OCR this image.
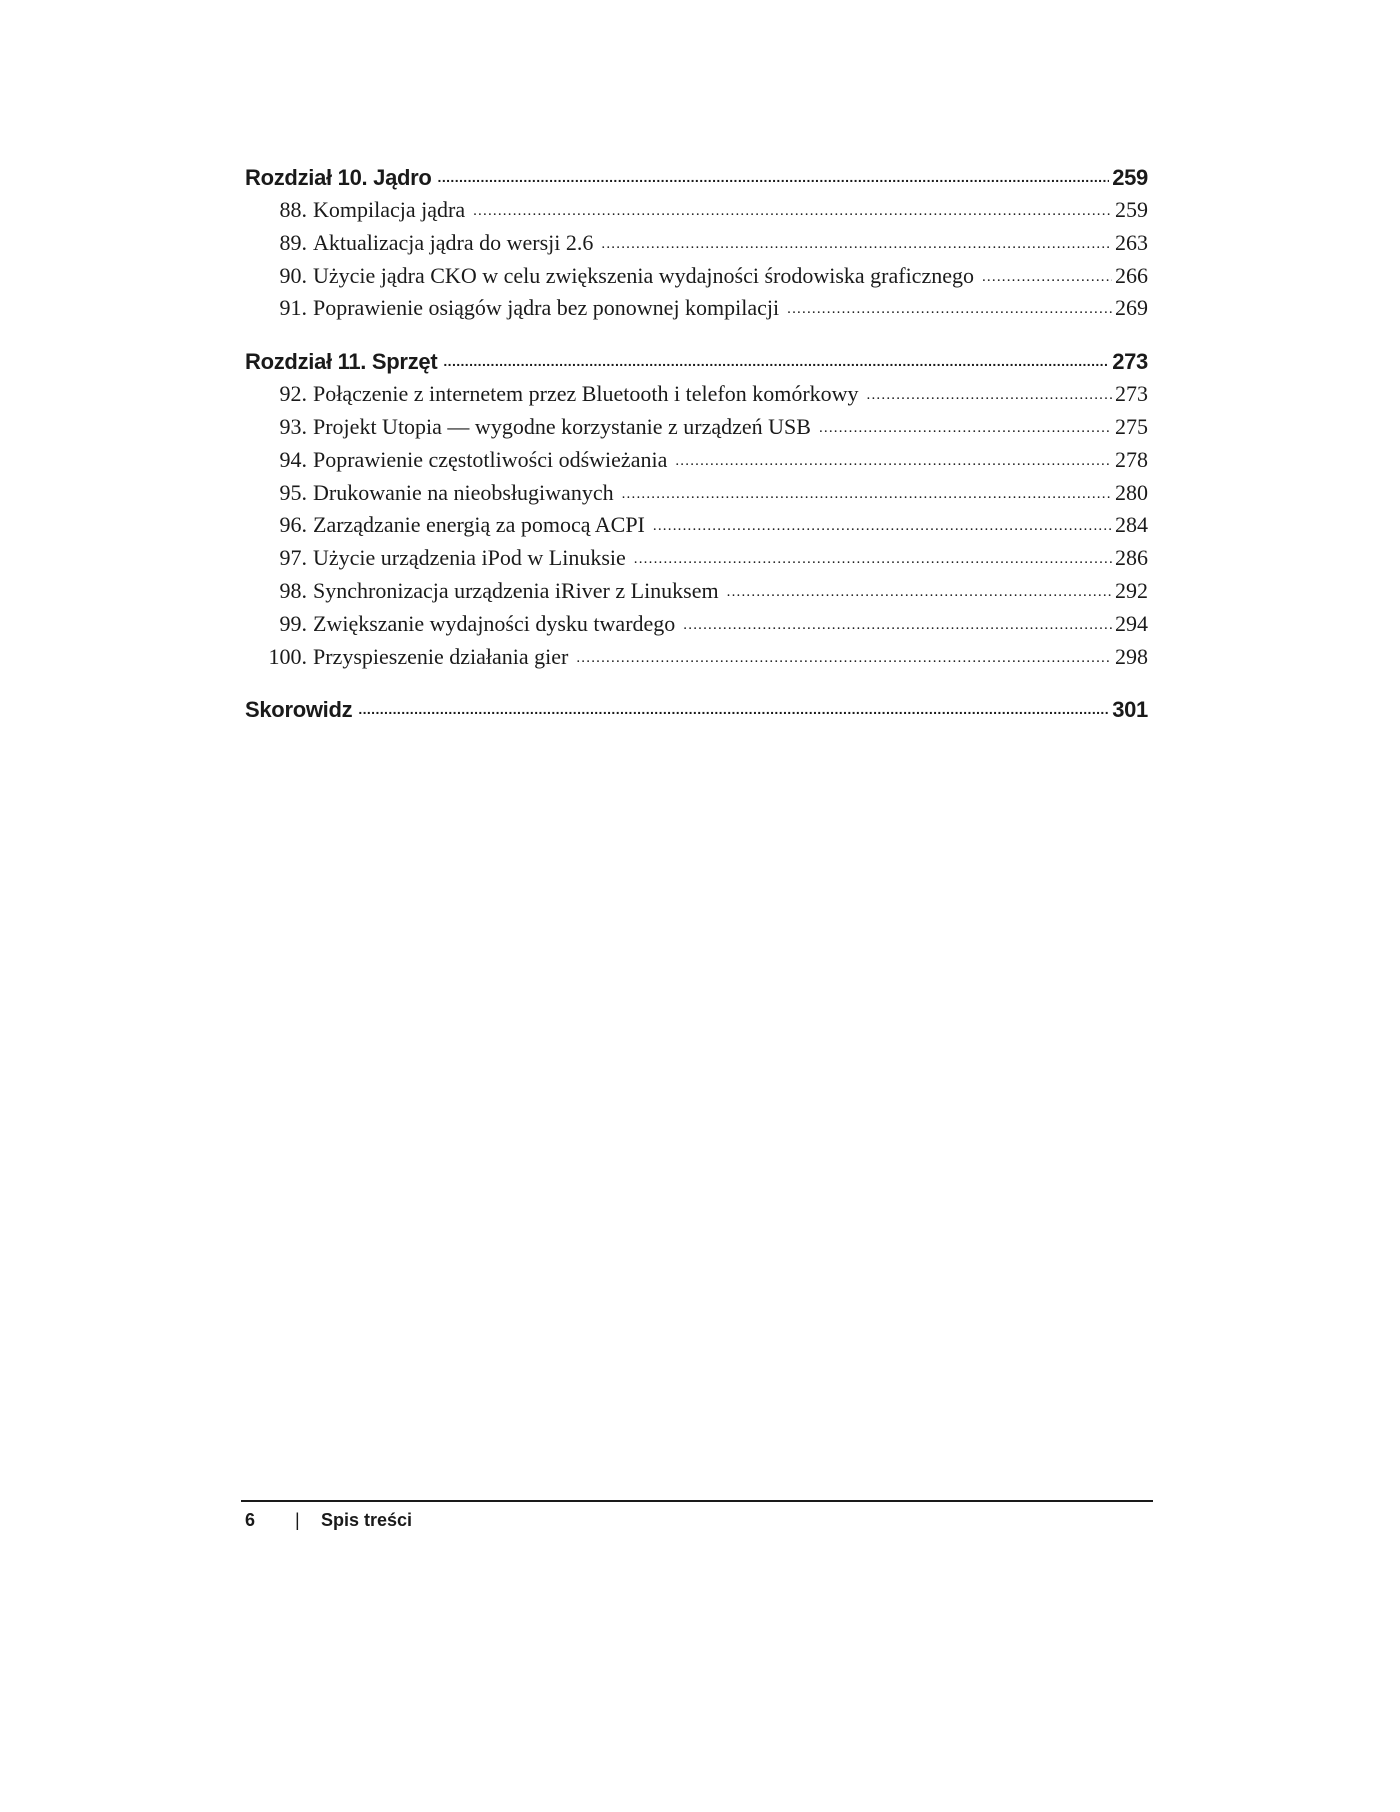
Rozdział 10. Jądro .....	259
88. Kompilacja jądra .....	259
89. Aktualizacja jądra do wersji 2.6 .....	263
90. Użycie jądra CKO w celu zwiększenia wydajności środowiska graficznego .....	266
91. Poprawienie osiągów jądra bez ponownej kompilacji .....	269
Rozdział 11. Sprzęt .....	273
92. Połączenie z internetem przez Bluetooth i telefon komórkowy .....	273
93. Projekt Utopia — wygodne korzystanie z urządzeń USB .....	275
94. Poprawienie częstotliwości odświeżania .....	278
95. Drukowanie na nieobsługiwanych .....	280
96. Zarządzanie energią za pomocą ACPI .....	284
97. Użycie urządzenia iPod w Linuksie .....	286
98. Synchronizacja urządzenia iRiver z Linuksem .....	292
99. Zwiększanie wydajności dysku twardego .....	294
100. Przyspieszenie działania gier .....	298
Skorowidz .....	301
6	|	Spis treści
